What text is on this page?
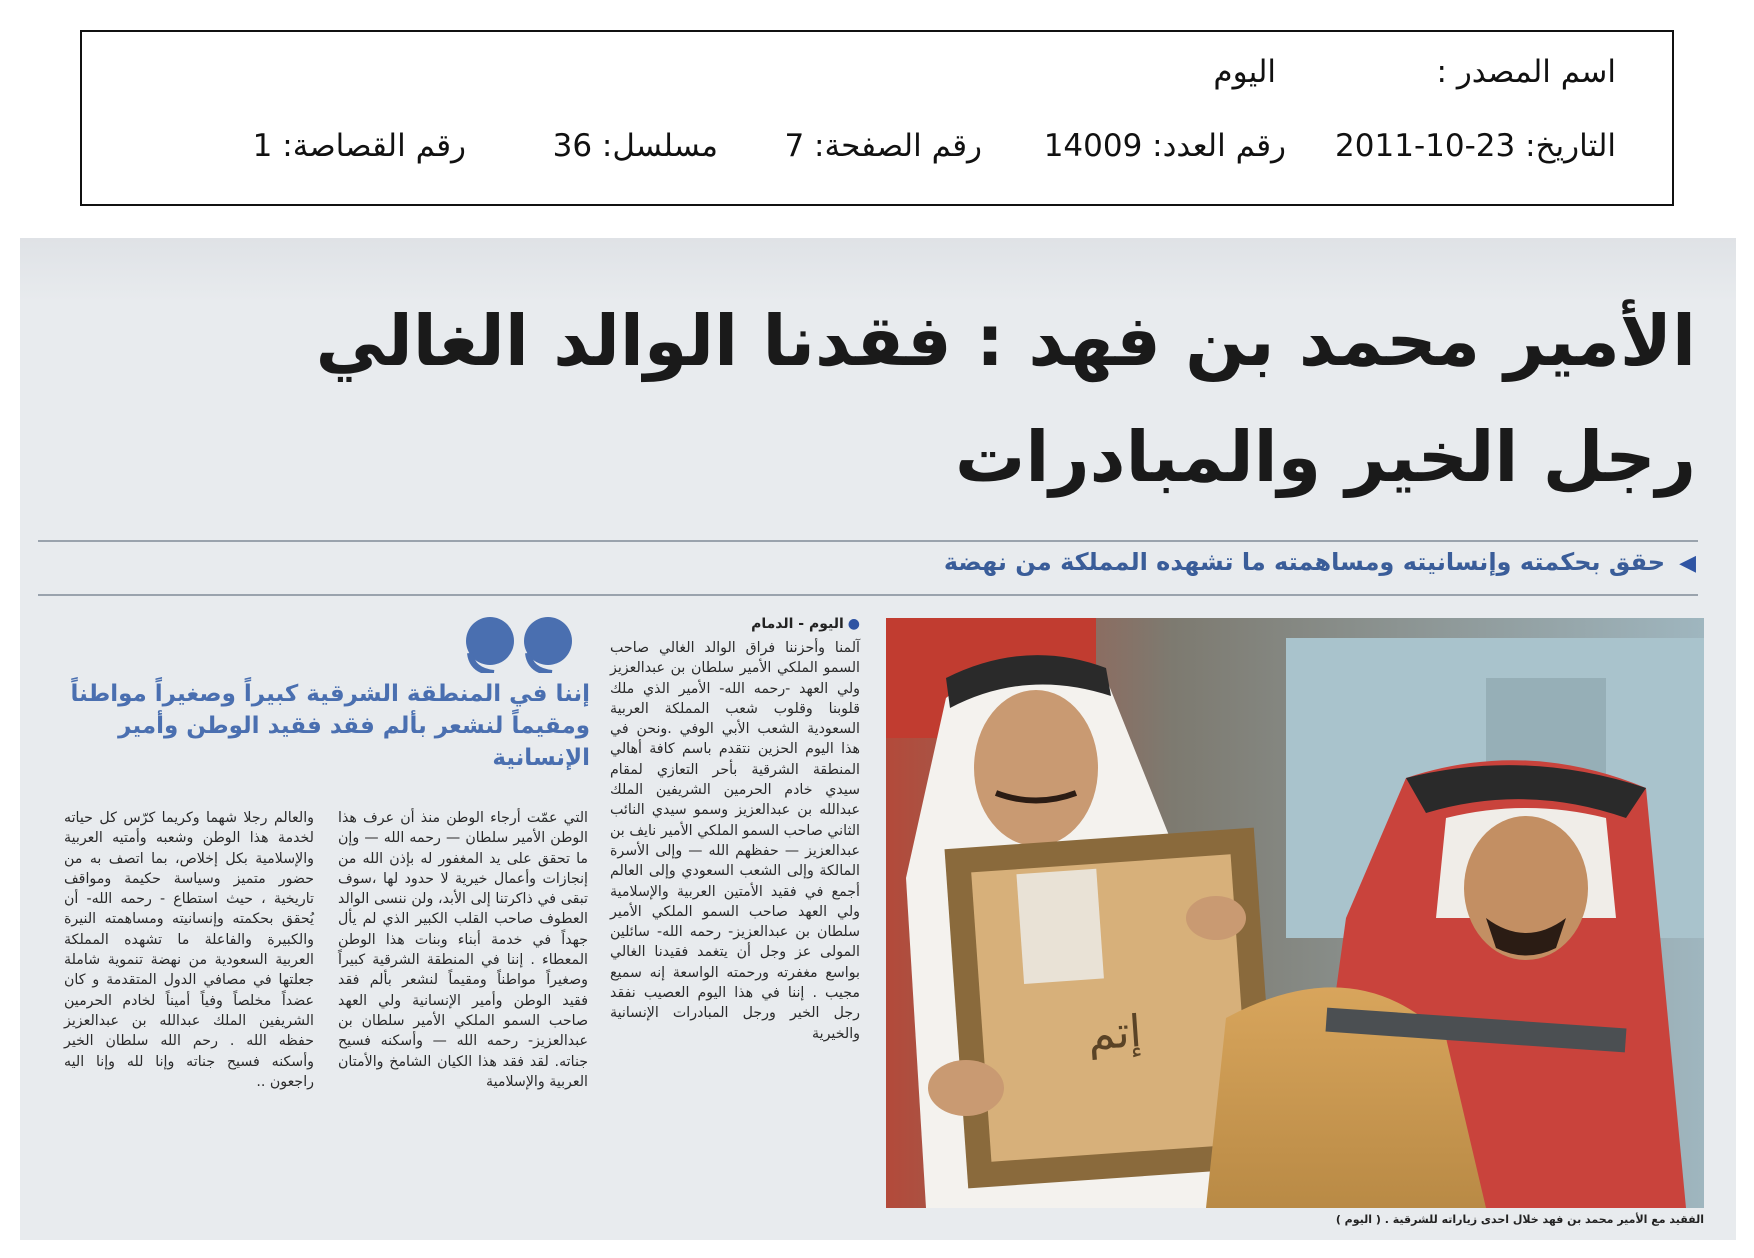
اسم المصدر :
اليوم
التاريخ: 23-10-2011
رقم العدد: 14009
رقم الصفحة: 7
مسلسل: 36
رقم القصاصة: 1
الأمير محمد بن فهد : فقدنا الوالد الغالي
رجل الخير والمبادرات
◀حقق بحكمته وإنسانيته ومساهمته ما تشهده المملكة من نهضة
إتم
الفقيد مع الأمير محمد بن فهد خلال احدى زياراته للشرقية . ( اليوم )
●اليوم - الدمام
إننا في المنطقة الشرقية كبيراً وصغيراً مواطناً ومقيماً لنشعر بألم فقد فقيد الوطن وأمير الإنسانية

آلمنا وأحزننا فراق الوالد الغالي صاحب السمو الملكي الأمير سلطان بن عبدالعزيز ولي العهد -رحمه الله- الأمير الذي ملك قلوبنا وقلوب شعب المملكة العربية السعودية الشعب الأبي الوفي .ونحن في هذا اليوم الحزين نتقدم باسم كافة أهالي المنطقة الشرقية بأحر التعازي لمقام سيدي خادم الحرمين الشريفين الملك عبدالله بن عبدالعزيز وسمو سيدي النائب الثاني صاحب السمو الملكي الأمير نايف بن عبدالعزيز — حفظهم الله — وإلى الأسرة المالكة وإلى الشعب السعودي وإلى العالم أجمع في فقيد الأمتين العربية والإسلامية ولي العهد صاحب السمو الملكي الأمير سلطان بن عبدالعزيز- رحمه الله- سائلين المولى عز وجل أن يتغمد فقيدنا الغالي بواسع مغفرته ورحمته الواسعة إنه سميع مجيب . إننا في هذا اليوم العصيب نفقد رجل الخير ورجل المبادرات الإنسانية والخيرية

التي عمّت أرجاء الوطن منذ أن عرف هذا الوطن الأمير سلطان — رحمه الله — وإن ما تحقق على يد المغفور له بإذن الله من إنجازات وأعمال خيرية لا حدود لها ،سوف تبقى في ذاكرتنا إلى الأبد، ولن ننسى الوالد العطوف صاحب القلب الكبير الذي لم يأل جهداً في خدمة أبناء وبنات هذا الوطن المعطاء . إننا في المنطقة الشرقية كبيراً وصغيراً مواطناً ومقيماً لنشعر بألم فقد فقيد الوطن وأمير الإنسانية ولي العهد صاحب السمو الملكي الأمير سلطان بن عبدالعزيز- رحمه الله — وأسكنه فسيح جناته. لقد فقد هذا الكيان الشامخ والأمتان العربية والإسلامية

والعالم رجلا شهما وكريما كرّس كل حياته لخدمة هذا الوطن وشعبه وأمتيه العربية والإسلامية بكل إخلاص، بما اتصف به من حضور متميز وسياسة حكيمة ومواقف تاريخية ، حيث استطاع - رحمه الله- أن يُحقق بحكمته وإنسانيته ومساهمته النيرة والكبيرة والفاعلة ما تشهده المملكة العربية السعودية من نهضة تنموية شاملة جعلتها في مصافي الدول المتقدمة و كان عضداً مخلصاً وفياً أميناً لخادم الحرمين الشريفين الملك عبدالله بن عبدالعزيز حفظه الله . رحم الله سلطان الخير وأسكنه فسيح جناته وإنا لله وإنا اليه راجعون ..
